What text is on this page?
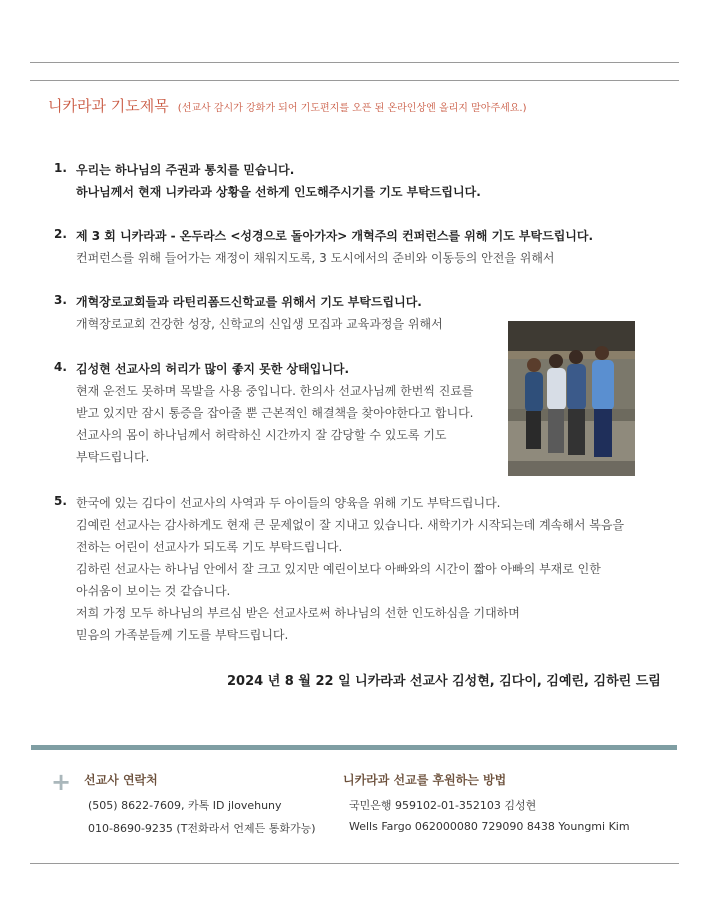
니카라과 기도제목 (선교사 감시가 강화가 되어 기도편지를 오픈 된 온라인상엔 올리지 말아주세요.)
1. 우리는 하나님의 주권과 통치를 믿습니다.
하나님께서 현재 니카라과 상황을 선하게 인도해주시기를 기도 부탁드립니다.
2. 제 3 회 니카라과 - 온두라스 <성경으로 돌아가자> 개혁주의 컨퍼런스를 위해 기도 부탁드립니다.
컨퍼런스를 위해 들어가는 재정이 채워지도록, 3 도시에서의 준비와 이동등의 안전을 위해서
3. 개혁장로교회들과 라틴리폼드신학교를 위해서 기도 부탁드립니다.
개혁장로교회 건강한 성장, 신학교의 신입생 모집과 교육과정을 위해서
4. 김성현 선교사의 허리가 많이 좋지 못한 상태입니다.
현재 운전도 못하며 목발을 사용 중입니다. 한의사 선교사님께 한번씩 진료를
받고 있지만 잠시 통증을 잡아줄 뿐 근본적인 해결책을 찾아야한다고 합니다.
선교사의 몸이 하나님께서 허락하신 시간까지 잘 감당할 수 있도록 기도
부탁드립니다.
5. 한국에 있는 김다이 선교사의 사역과 두 아이들의 양육을 위해 기도 부탁드립니다.
김예린 선교사는 감사하게도 현재 큰 문제없이 잘 지내고 있습니다. 새학기가 시작되는데 계속해서 복음을
전하는 어린이 선교사가 되도록 기도 부탁드립니다.
김하린 선교사는 하나님 안에서 잘 크고 있지만 예린이보다 아빠와의 시간이 짧아 아빠의 부재로 인한
아쉬움이 보이는 것 같습니다.
저희 가정 모두 하나님의 부르심 받은 선교사로써 하나님의 선한 인도하심을 기대하며
믿음의 가족분들께 기도를 부탁드립니다.
2024 년 8 월 22 일 니카라과 선교사 김성현, 김다이, 김예린, 김하린 드림
+ 선교사 연락처
(505) 8622-7609, 카톡 ID jlovehuny
010-8690-9235 (T전화라서 언제든 통화가능)
니카라과 선교를 후원하는 방법
국민은행 959102-01-352103 김성현
Wells Fargo 062000080 729090 8438 Youngmi Kim
